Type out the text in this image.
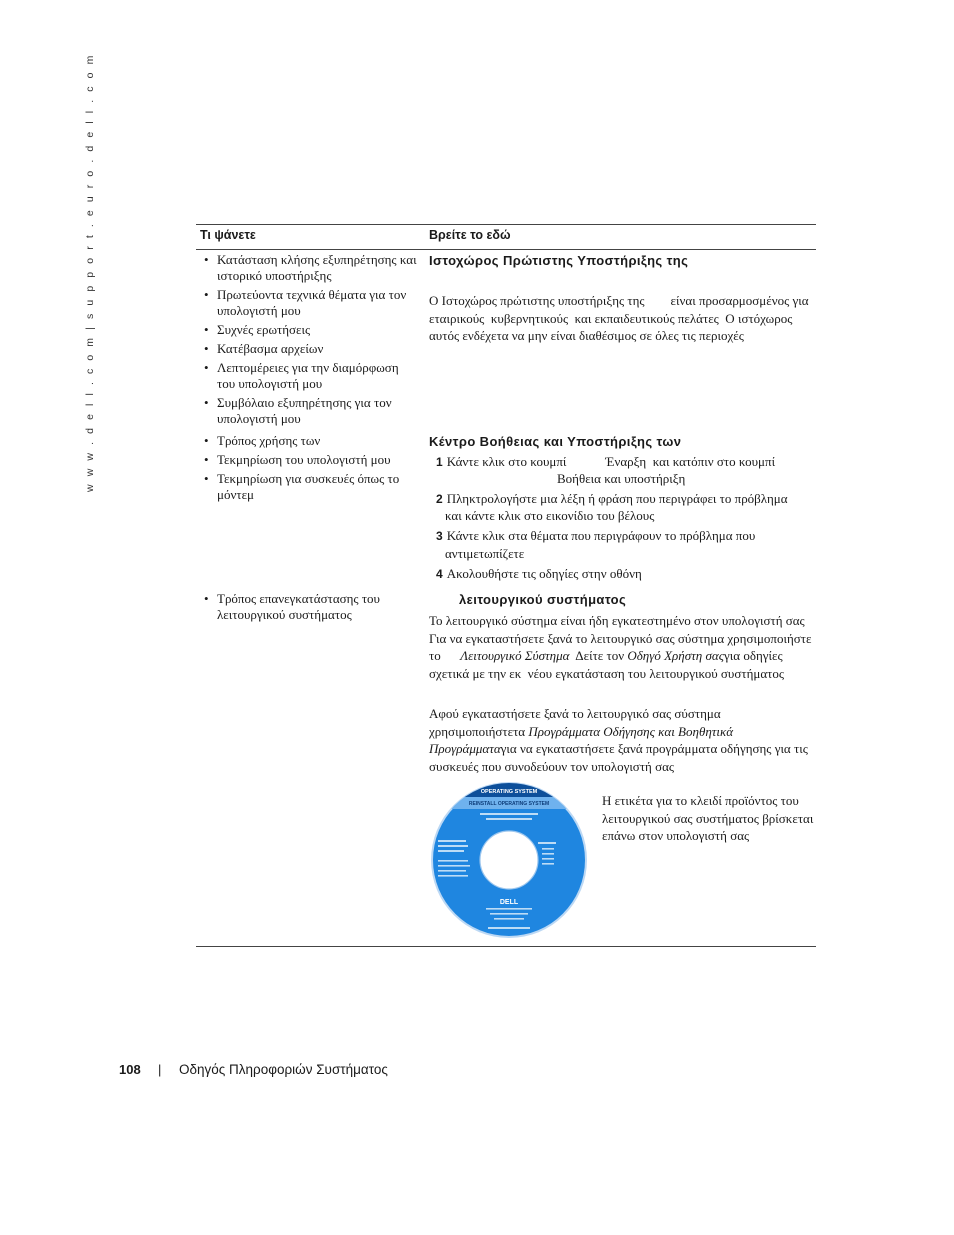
w w w . d e l l . c o m | s u p p o r t . e u r o . d e l l . c o m	Τι ψάνετε	Βρείτε το εδώ
• Κατάσταση κλήσης εξυπηρέτησης και ιστορικό υποστήριξης
• Πρωτεύοντα τεχνικά θέματα για τον υπολογιστή μου
• Συχνές ερωτήσεις
• Κατέβασμα αρχείων
• Λεπτομέρειες για την διαμόρφωση του υπολογιστή μου
• Συμβόλαιο εξυπηρέτησης για τον υπολογιστή μου
Ιστοχώρος Πρώτιστης Υποστήριξης της
Ο Ιστοχώρος πρώτιστης υποστήριξης της        είναι προσαρμοσμένος για εταιρικούς  κυβερνητικούς  και εκπαιδευτικούς πελάτες  Ο ιστόχωρος αυτός ενδέχετα να μην είναι διαθέσιμος σε όλες τις περιοχές
• Τρόπος χρήσης των
• Τεκμηρίωση του υπολογιστή μου
• Τεκμηρίωση για συσκευές όπως το μόντεμ
Κέντρο Βοήθειας και Υποστήριξης των
1 Κάντε κλικ στο κουμπί            Έναρξη  και κατόπιν στο κουμπί
Βοήθεια και υποστήριξη
2 Πληκτρολογήστε μια λέξη ή φράση που περιγράφει το πρόβλημα
και κάντε κλικ στο εικονίδιο του βέλους
3 Κάντε κλικ στα θέματα που περιγράφουν το πρόβλημα που
αντιμετωπίζετε
4 Ακολουθήστε τις οδηγίες στην οθόνη
• Τρόπος επανεγκατάστασης του λειτουργικού συστήματος
λειτουργικού συστήματος
Το λειτουργικό σύστημα είναι ήδη εγκατεστημένο στον υπολογιστή σας  Για να εγκαταστήσετε ξανά το λειτουργικό σας σύστημα χρησιμοποιήστε το      Λειτουργικό Σύστημα  Δείτε τον Οδηγό Χρήστη σαςγια οδηγίες σχετικά με την εκ  νέου εγκατάσταση του λειτουργικού συστήματος
Αφού εγκαταστήσετε ξανά το λειτουργικό σας σύστημα χρησιμοποιήστετα Προγράμματα Οδήγησης και Βοηθητικά Προγράμματαγια να εγκαταστήσετε ξανά προγράμματα οδήγησης για τις συσκευές που συνοδεύουν τον υπολογιστή σας
OPERATING SYSTEM
REINSTALL OPERATING SYSTEM
DELL
Η ετικέτα για το κλειδί προϊόντος του λειτουργικού σας συστήματος βρίσκεται επάνω στον υπολογιστή σας
108 | Οδηγός Πληροφοριών Συστήματος
